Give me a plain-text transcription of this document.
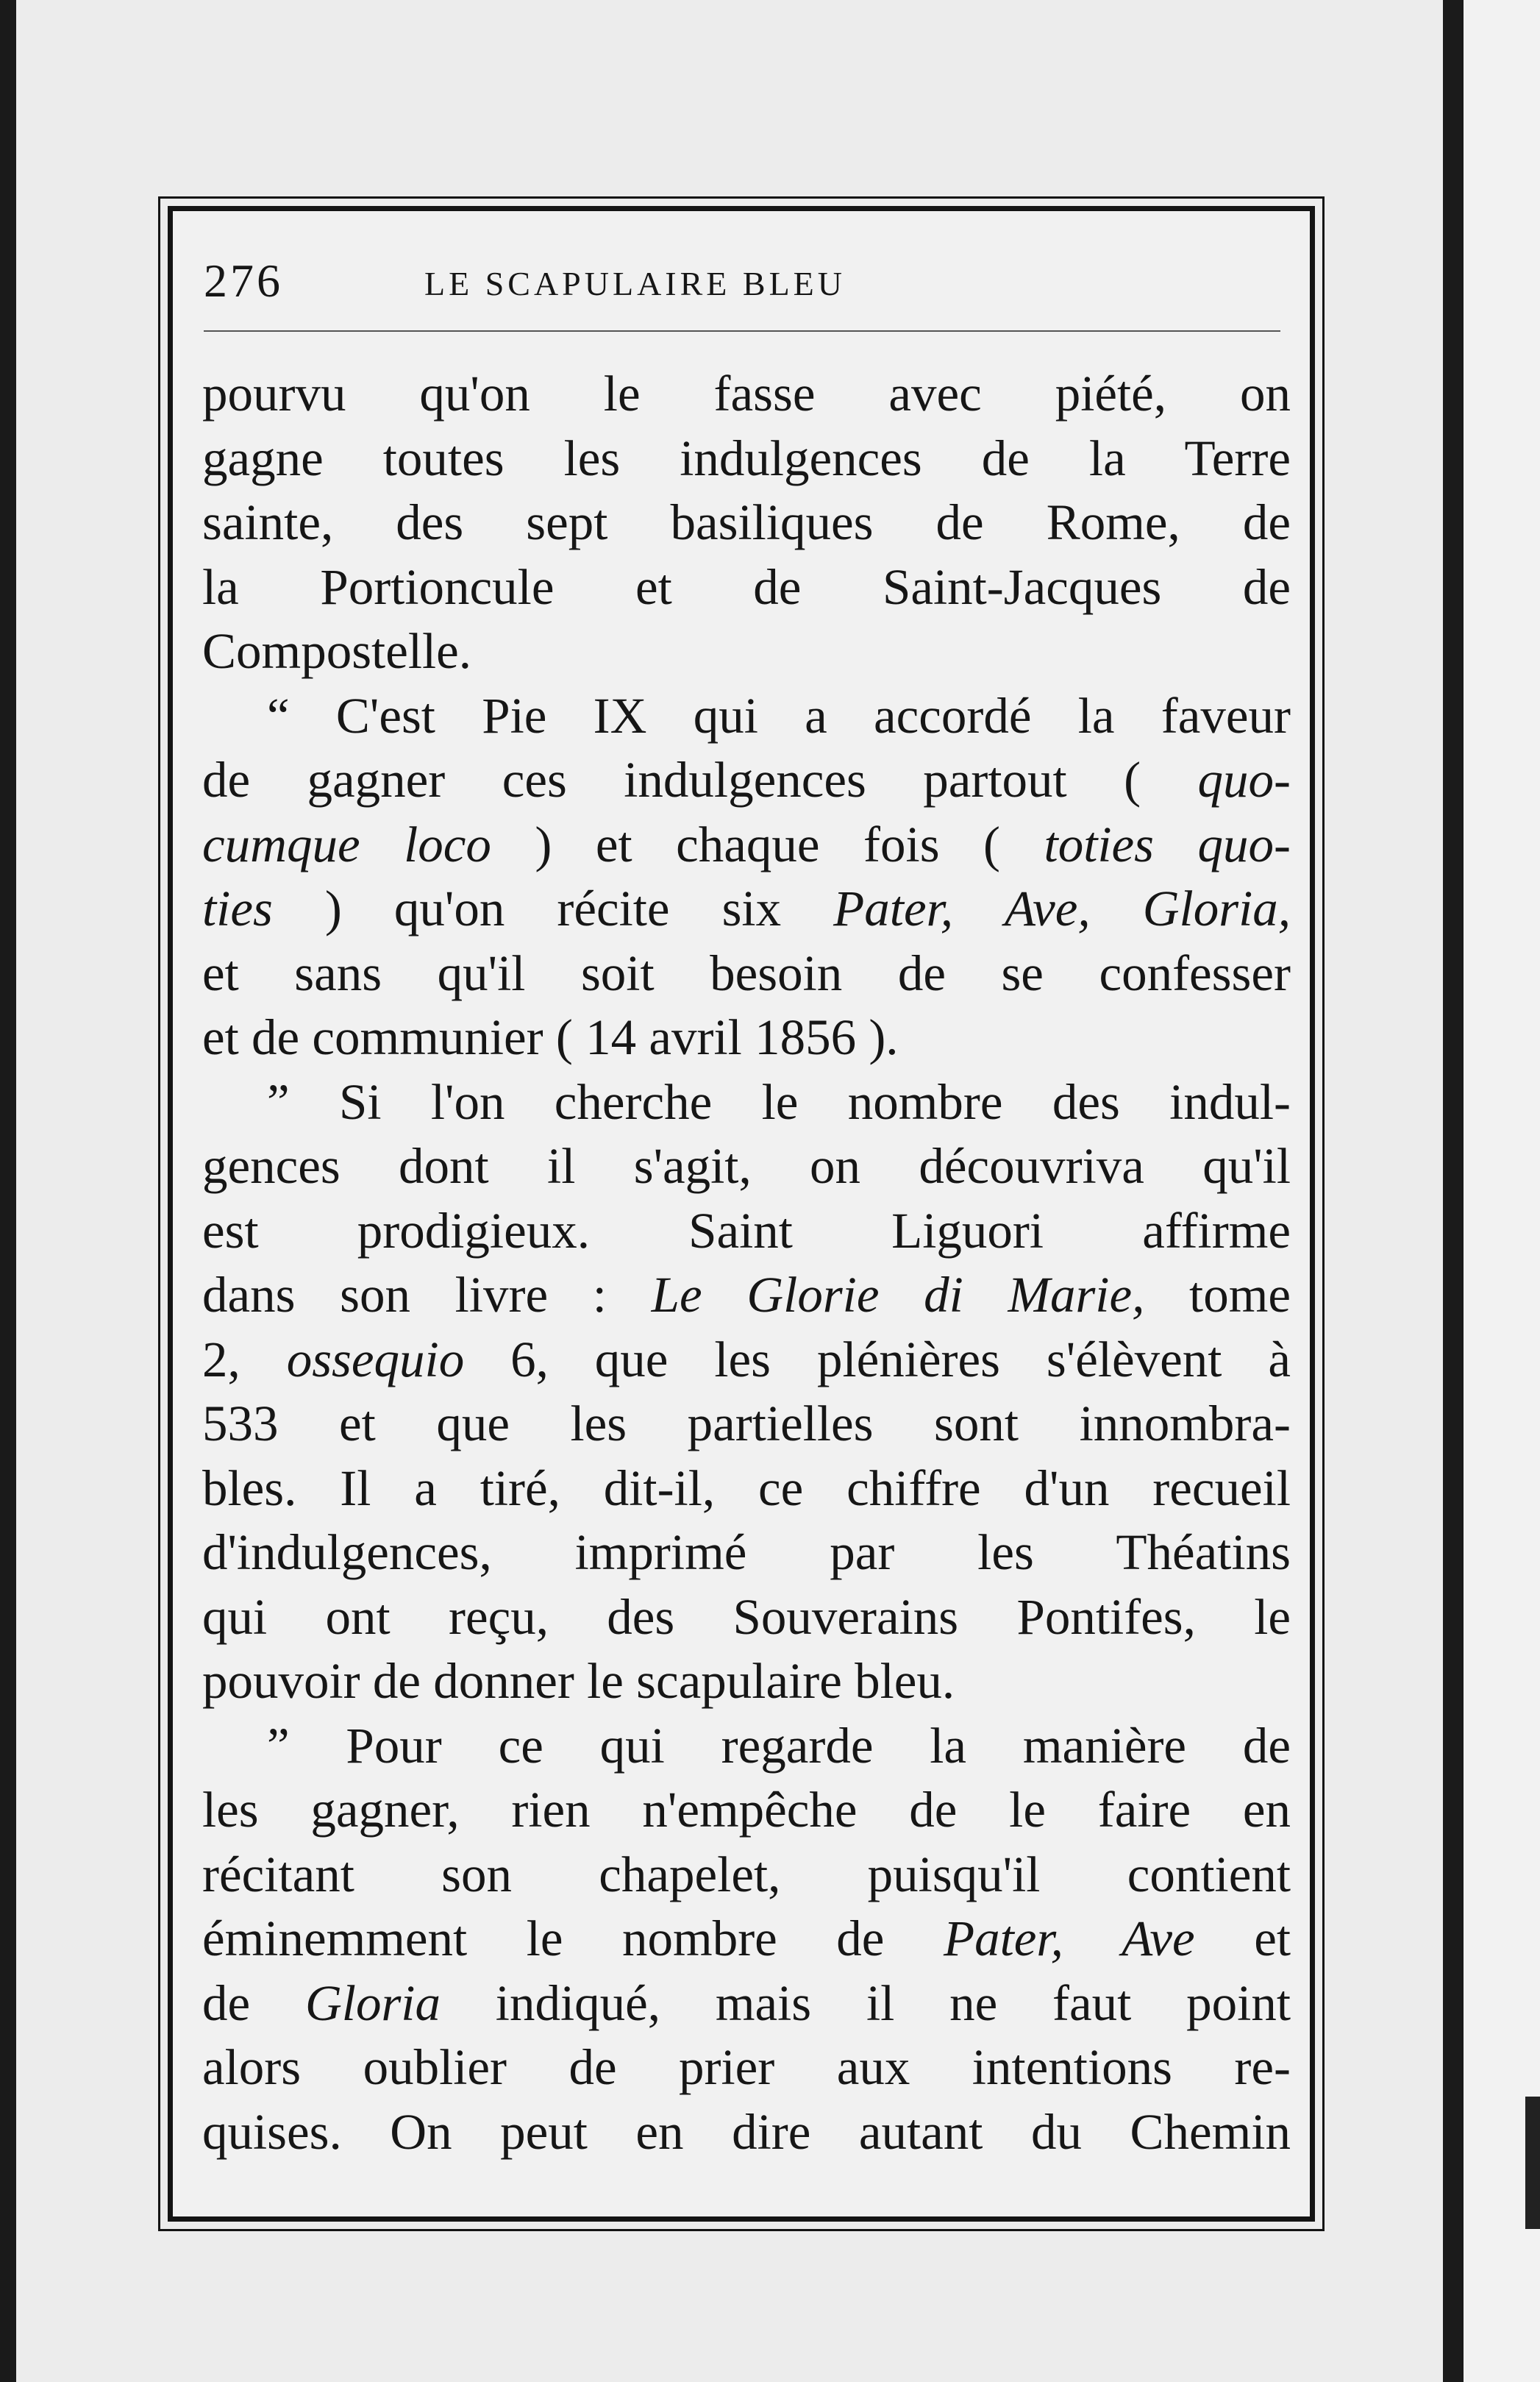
276	LE SCAPULAIRE BLEU
pourvu qu'on le fasse avec piété, on
gagne toutes les indulgences de la Terre
sainte, des sept basiliques de Rome, de
la Portioncule et de Saint-Jacques de
Compostelle.
“ C'est Pie IX qui a accordé la faveur
de gagner ces indulgences partout ( quo-
cumque loco ) et chaque fois ( toties quo-
ties ) qu'on récite six Pater, Ave, Gloria,
et sans qu'il soit besoin de se confesser
et de communier ( 14 avril 1856 ).
” Si l'on cherche le nombre des indul-
gences dont il s'agit, on découvriva qu'il
est prodigieux. Saint Liguori affirme
dans son livre : Le Glorie di Marie, tome
2, ossequio 6, que les plénières s'élèvent à
533 et que les partielles sont innombra-
bles. Il a tiré, dit-il, ce chiffre d'un recueil
d'indulgences, imprimé par les Théatins
qui ont reçu, des Souverains Pontifes, le
pouvoir de donner le scapulaire bleu.
” Pour ce qui regarde la manière de
les gagner, rien n'empêche de le faire en
récitant son chapelet, puisqu'il contient
éminemment le nombre de Pater, Ave et
de Gloria indiqué, mais il ne faut point
alors oublier de prier aux intentions re-
quises. On peut en dire autant du Chemin
